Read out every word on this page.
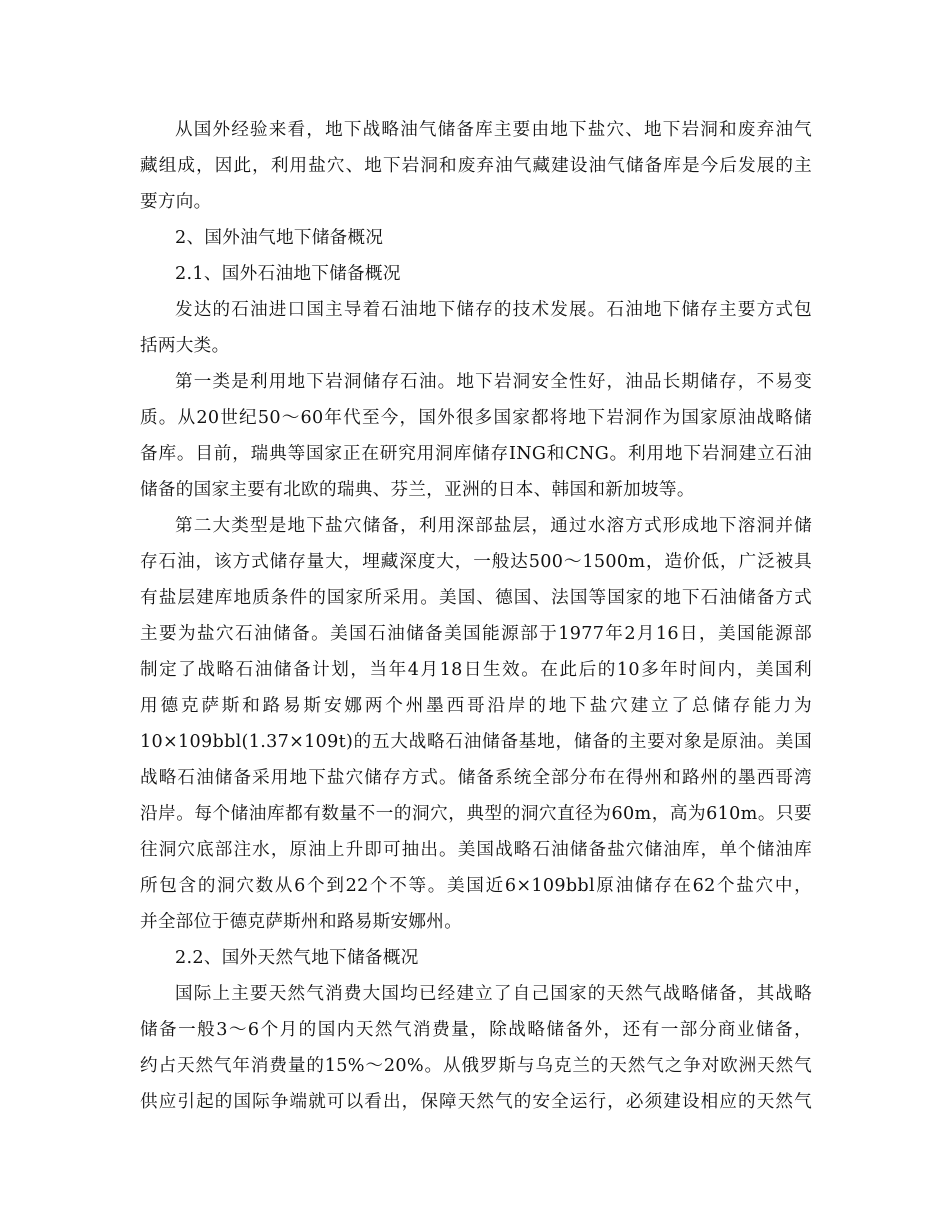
从国外经验来看，地下战略油气储备库主要由地下盐穴、地下岩洞和废弃油气
藏组成，因此，利用盐穴、地下岩洞和废弃油气藏建设油气储备库是今后发展的主
要方向。
2、国外油气地下储备概况
2.1、国外石油地下储备概况
发达的石油进口国主导着石油地下储存的技术发展。石油地下储存主要方式包
括两大类。
第一类是利用地下岩洞储存石油。地下岩洞安全性好，油品长期储存，不易变
质。从20世纪50～60年代至今，国外很多国家都将地下岩洞作为国家原油战略储
备库。目前，瑞典等国家正在研究用洞库储存ING和CNG。利用地下岩洞建立石油
储备的国家主要有北欧的瑞典、芬兰，亚洲的日本、韩国和新加坡等。
第二大类型是地下盐穴储备，利用深部盐层，通过水溶方式形成地下溶洞并储
存石油，该方式储存量大，埋藏深度大，一般达500～1500m，造价低，广泛被具
有盐层建库地质条件的国家所采用。美国、德国、法国等国家的地下石油储备方式
主要为盐穴石油储备。美国石油储备美国能源部于1977年2月16日，美国能源部
制定了战略石油储备计划，当年4月18日生效。在此后的10多年时间内，美国利
用德克萨斯和路易斯安娜两个州墨西哥沿岸的地下盐穴建立了总储存能力为
10×109bbl(1.37×109t)的五大战略石油储备基地，储备的主要对象是原油。美国
战略石油储备采用地下盐穴储存方式。储备系统全部分布在得州和路州的墨西哥湾
沿岸。每个储油库都有数量不一的洞穴，典型的洞穴直径为60m，高为610m。只要
往洞穴底部注水，原油上升即可抽出。美国战略石油储备盐穴储油库，单个储油库
所包含的洞穴数从6个到22个不等。美国近6×109bbl原油储存在62个盐穴中，
并全部位于德克萨斯州和路易斯安娜州。
2.2、国外天然气地下储备概况
国际上主要天然气消费大国均已经建立了自己国家的天然气战略储备，其战略
储备一般3～6个月的国内天然气消费量，除战略储备外，还有一部分商业储备，
约占天然气年消费量的15%～20%。从俄罗斯与乌克兰的天然气之争对欧洲天然气
供应引起的国际争端就可以看出，保障天然气的安全运行，必须建设相应的天然气
